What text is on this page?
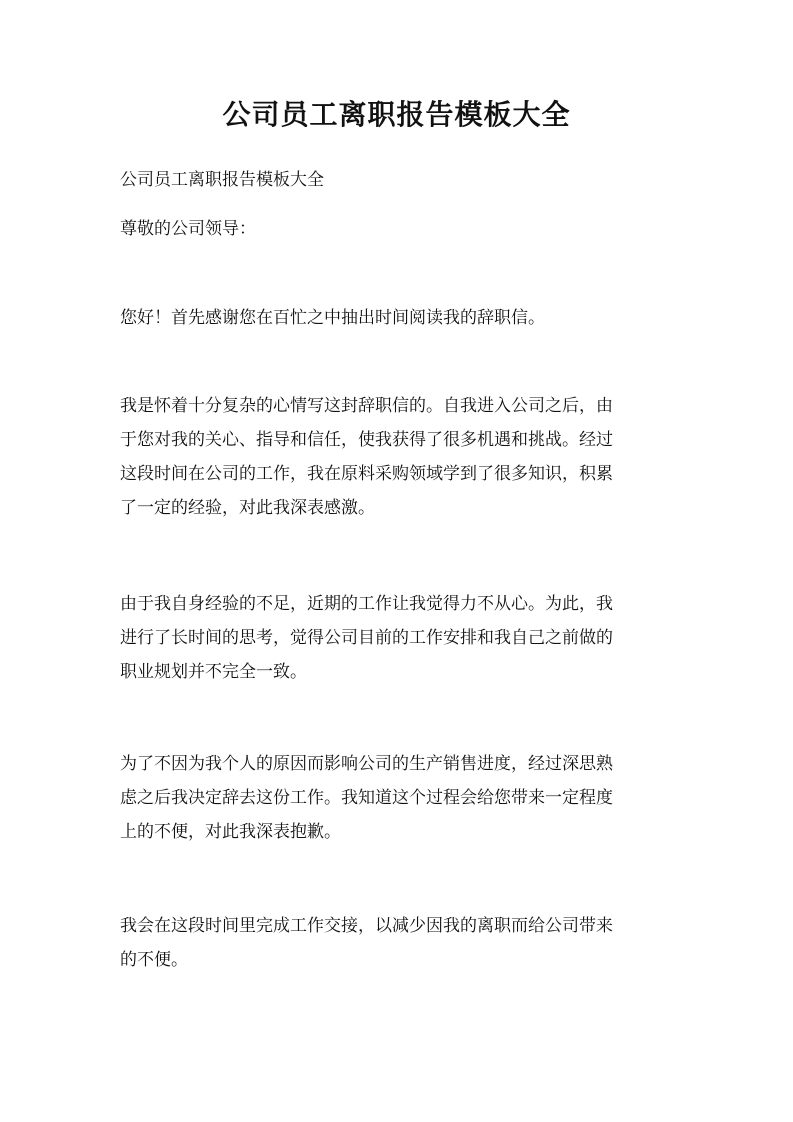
公司员工离职报告模板大全
公司员工离职报告模板大全
尊敬的公司领导：
您好！首先感谢您在百忙之中抽出时间阅读我的辞职信。
我是怀着十分复杂的心情写这封辞职信的。自我进入公司之后，由
于您对我的关心、指导和信任，使我获得了很多机遇和挑战。经过
这段时间在公司的工作，我在原料采购领域学到了很多知识，积累
了一定的经验，对此我深表感激。
由于我自身经验的不足，近期的工作让我觉得力不从心。为此，我
进行了长时间的思考，觉得公司目前的工作安排和我自己之前做的
职业规划并不完全一致。
为了不因为我个人的原因而影响公司的生产销售进度，经过深思熟
虑之后我决定辞去这份工作。我知道这个过程会给您带来一定程度
上的不便，对此我深表抱歉。
我会在这段时间里完成工作交接，以减少因我的离职而给公司带来
的不便。
